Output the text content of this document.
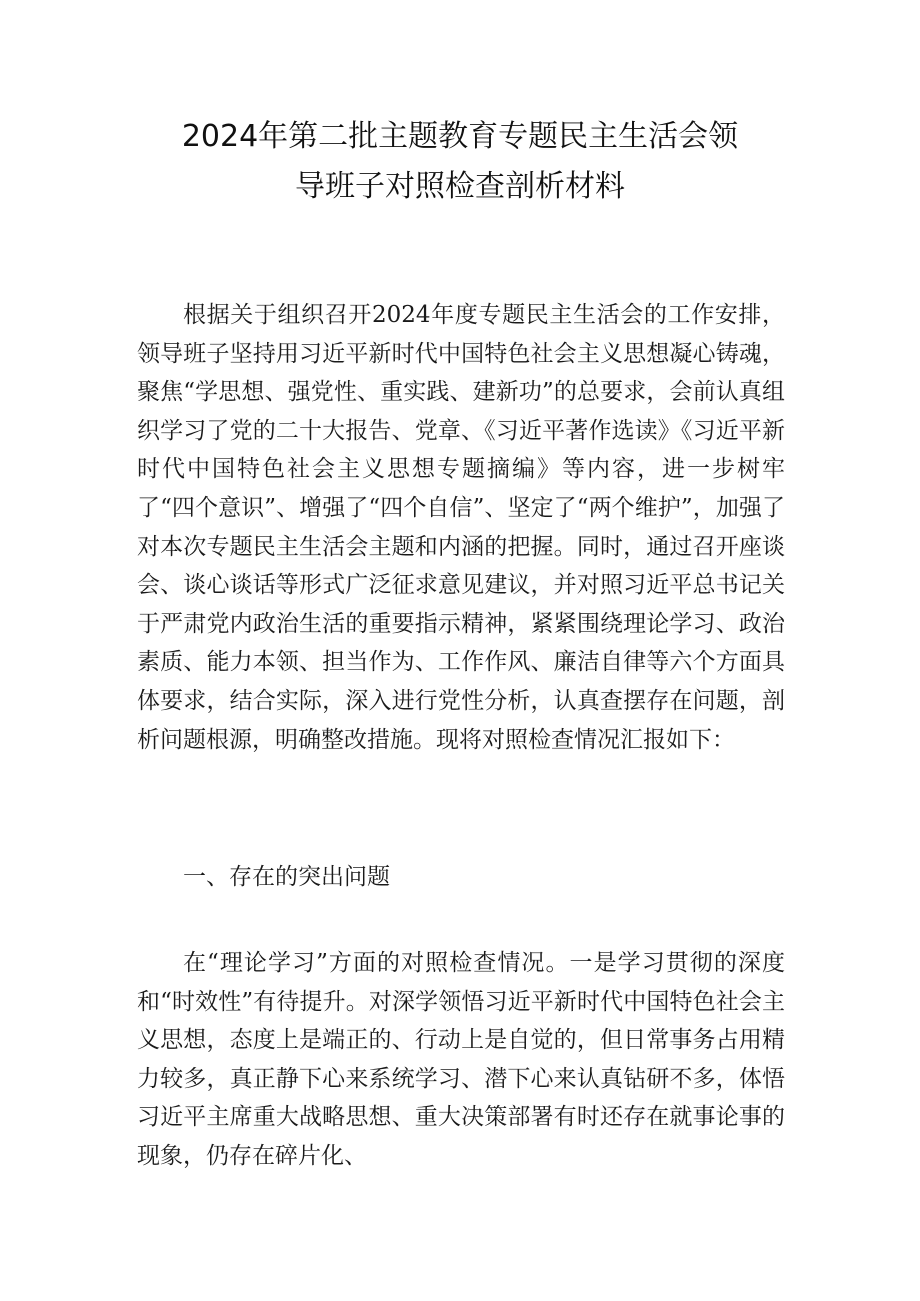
2024年第二批主题教育专题民主生活会领
导班子对照检查剖析材料

根据关于组织召开2024年度专题民主生活会的工作安排，领导班子坚持用习近平新时代中国特色社会主义思想凝心铸魂，聚焦“学思想、强党性、重实践、建新功”的总要求，会前认真组织学习了党的二十大报告、党章、《习近平著作选读》《习近平新时代中国特色社会主义思想专题摘编》等内容，进一步树牢了“四个意识”、增强了“四个自信”、坚定了“两个维护”，加强了对本次专题民主生活会主题和内涵的把握。同时，通过召开座谈会、谈心谈话等形式广泛征求意见建议，并对照习近平总书记关于严肃党内政治生活的重要指示精神，紧紧围绕理论学习、政治素质、能力本领、担当作为、工作作风、廉洁自律等六个方面具体要求，结合实际，深入进行党性分析，认真查摆存在问题，剖析问题根源，明确整改措施。现将对照检查情况汇报如下：

一、存在的突出问题

在“理论学习”方面的对照检查情况。一是学习贯彻的深度和“时效性”有待提升。对深学领悟习近平新时代中国特色社会主义思想，态度上是端正的、行动上是自觉的，但日常事务占用精力较多，真正静下心来系统学习、潜下心来认真钻研不多，体悟习近平主席重大战略思想、重大决策部署有时还存在就事论事的现象，仍存在碎片化、
